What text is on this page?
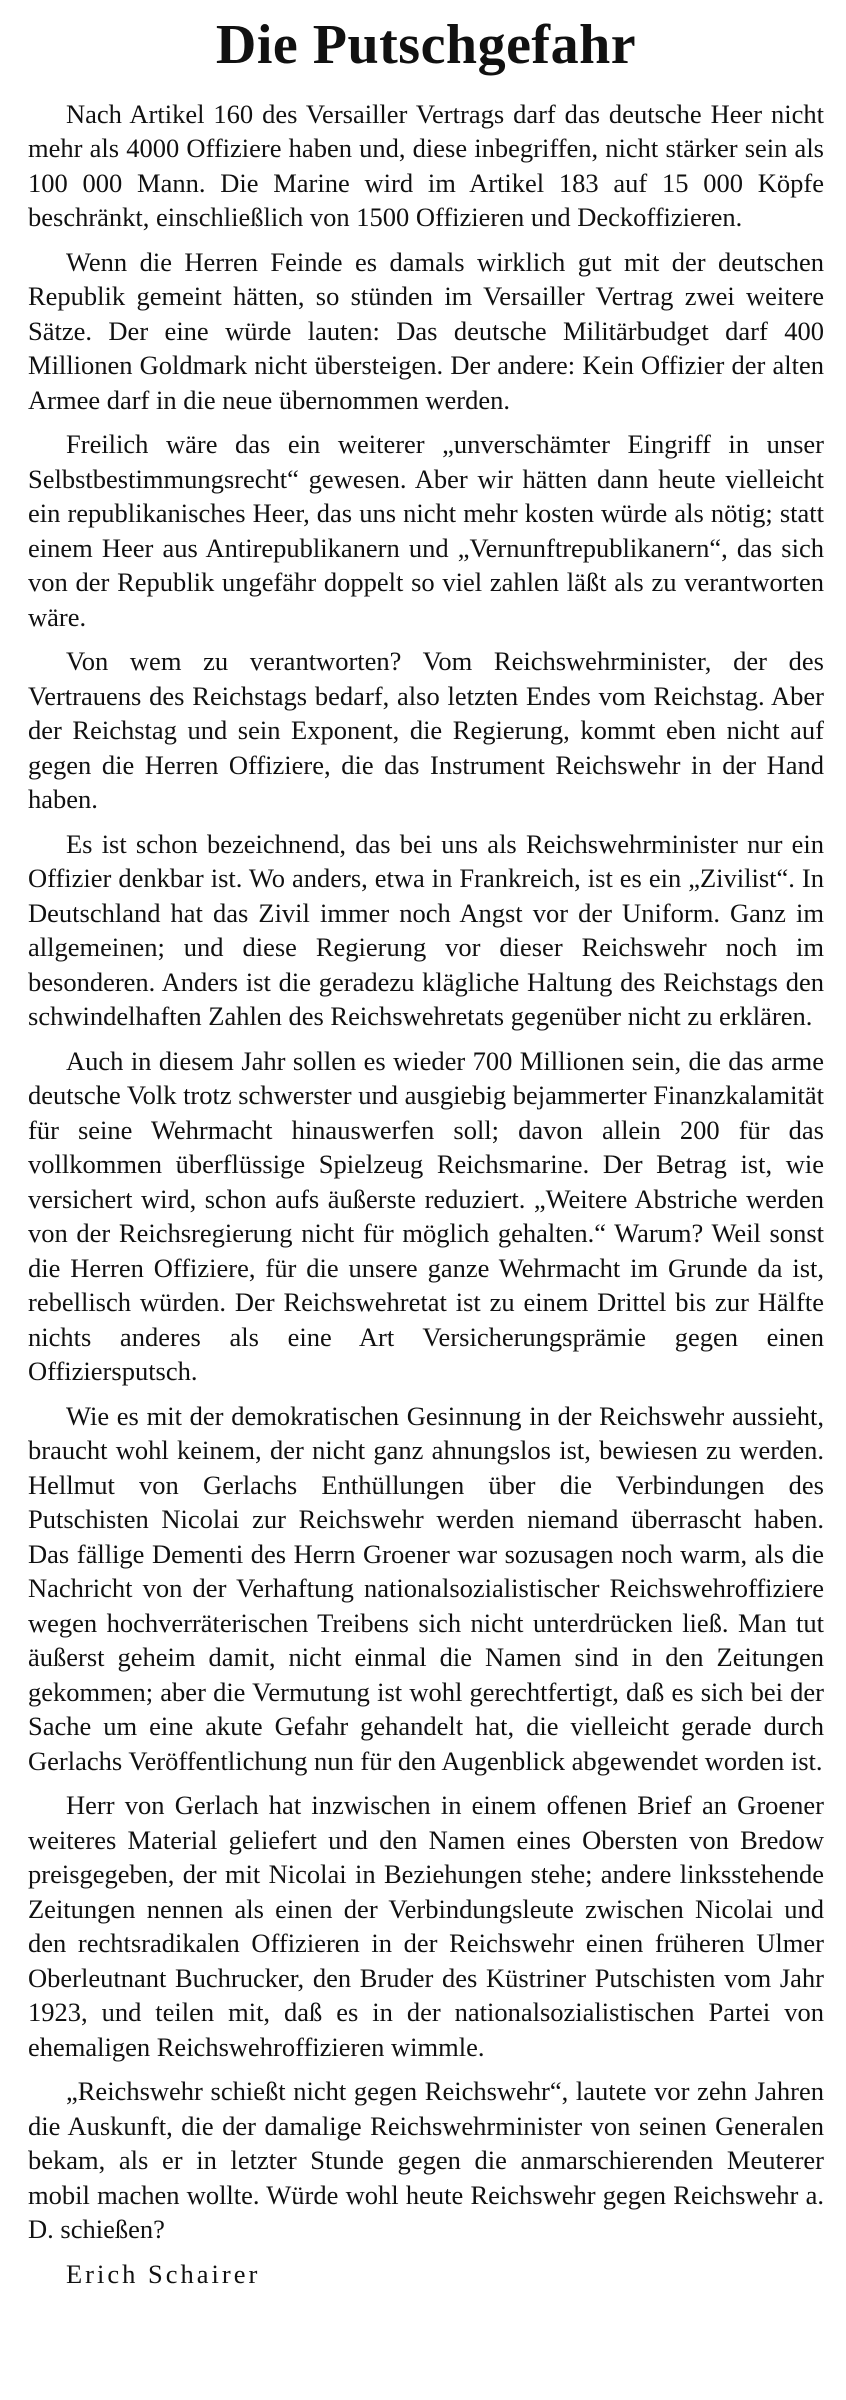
Die Putschgefahr

Nach Artikel 160 des Versailler Vertrags darf das deutsche Heer nicht mehr als 4000 Offiziere haben und, diese inbegriffen, nicht stärker sein als 100 000 Mann. Die Marine wird im Artikel 183 auf 15 000 Köpfe beschränkt, einschließlich von 1500 Offizieren und Deckoffizieren.

Wenn die Herren Feinde es damals wirklich gut mit der deutschen Republik gemeint hätten, so stünden im Versailler Vertrag zwei weitere Sätze. Der eine würde lauten: Das deutsche Militärbudget darf 400 Millionen Goldmark nicht übersteigen. Der andere: Kein Offizier der alten Armee darf in die neue übernommen werden.

Freilich wäre das ein weiterer „unverschämter Eingriff in unser Selbstbestimmungsrecht“ gewesen. Aber wir hätten dann heute vielleicht ein republikanisches Heer, das uns nicht mehr kosten würde als nötig; statt einem Heer aus Antirepublikanern und „Vernunftrepublikanern“, das sich von der Republik ungefähr doppelt so viel zahlen läßt als zu verantworten wäre.

Von wem zu verantworten? Vom Reichswehrminister, der des Vertrauens des Reichstags bedarf, also letzten Endes vom Reichstag. Aber der Reichstag und sein Exponent, die Regierung, kommt eben nicht auf gegen die Herren Offiziere, die das Instrument Reichswehr in der Hand haben.

Es ist schon bezeichnend, das bei uns als Reichswehrminister nur ein Offizier denkbar ist. Wo anders, etwa in Frankreich, ist es ein „Zivilist“. In Deutschland hat das Zivil immer noch Angst vor der Uniform. Ganz im allgemeinen; und diese Regierung vor dieser Reichswehr noch im besonderen. Anders ist die geradezu klägliche Haltung des Reichstags den schwindelhaften Zahlen des Reichswehretats gegenüber nicht zu erklären.

Auch in diesem Jahr sollen es wieder 700 Millionen sein, die das arme deutsche Volk trotz schwerster und ausgiebig bejammerter Finanzkalamität für seine Wehrmacht hinauswerfen soll; davon allein 200 für das vollkommen überflüssige Spielzeug Reichsmarine. Der Betrag ist, wie versichert wird, schon aufs äußerste reduziert. „Weitere Abstriche werden von der Reichsregierung nicht für möglich gehalten.“ Warum? Weil sonst die Herren Offiziere, für die unsere ganze Wehrmacht im Grunde da ist, rebellisch würden. Der Reichswehretat ist zu einem Drittel bis zur Hälfte nichts anderes als eine Art Versicherungsprämie gegen einen Offiziersputsch.

Wie es mit der demokratischen Gesinnung in der Reichswehr aussieht, braucht wohl keinem, der nicht ganz ahnungslos ist, bewiesen zu werden. Hellmut von Gerlachs Enthüllungen über die Verbindungen des Putschisten Nicolai zur Reichswehr werden niemand überrascht haben. Das fällige Dementi des Herrn Groener war sozusagen noch warm, als die Nachricht von der Verhaftung nationalsozialistischer Reichswehroffiziere wegen hochverräterischen Treibens sich nicht unterdrücken ließ. Man tut äußerst geheim damit, nicht einmal die Namen sind in den Zeitungen gekommen; aber die Vermutung ist wohl gerechtfertigt, daß es sich bei der Sache um eine akute Gefahr gehandelt hat, die vielleicht gerade durch Gerlachs Veröffentlichung nun für den Augenblick abgewendet worden ist.

Herr von Gerlach hat inzwischen in einem offenen Brief an Groener weiteres Material geliefert und den Namen eines Obersten von Bredow preisgegeben, der mit Nicolai in Beziehungen stehe; andere linksstehende Zeitungen nennen als einen der Verbindungsleute zwischen Nicolai und den rechtsradikalen Offizieren in der Reichswehr einen früheren Ulmer Oberleutnant Buchrucker, den Bruder des Küstriner Putschisten vom Jahr 1923, und teilen mit, daß es in der nationalsozialistischen Partei von ehemaligen Reichswehroffizieren wimmle.

„Reichswehr schießt nicht gegen Reichswehr“, lautete vor zehn Jahren die Auskunft, die der damalige Reichswehrminister von seinen Generalen bekam, als er in letzter Stunde gegen die anmarschierenden Meuterer mobil machen wollte. Würde wohl heute Reichswehr gegen Reichswehr a. D. schießen?

Erich Schairer
